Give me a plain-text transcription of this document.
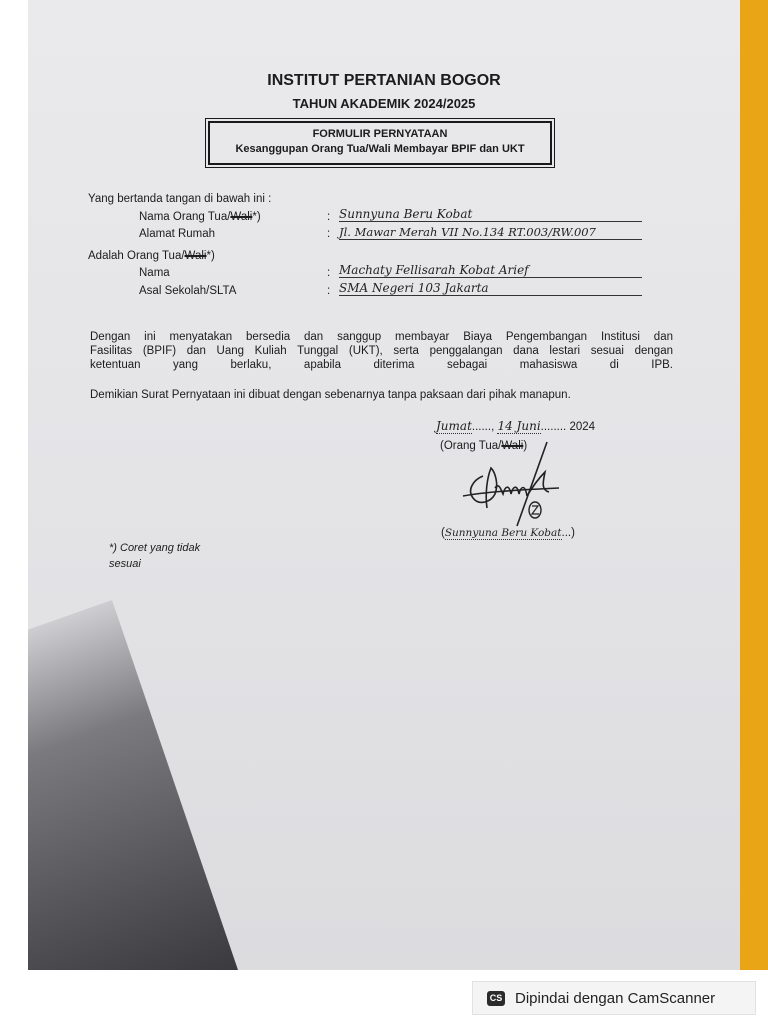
INSTITUT PERTANIAN BOGOR
TAHUN AKADEMIK 2024/2025
FORMULIR PERNYATAAN
Kesanggupan Orang Tua/Wali Membayar BPIF dan UKT
Yang bertanda tangan di bawah ini :
Nama Orang Tua/Wali*)	: Sunnyuna Beru Kobat
Alamat Rumah	: Jl. Mawar Merah VII No.134 RT.003/RW.007
Adalah Orang Tua/Wali*)
Nama	: Machaty Fellisarah Kobat Arief
Asal Sekolah/SLTA	: SMA Negeri 103 Jakarta
Dengan ini menyatakan bersedia dan sanggup membayar Biaya Pengembangan Institusi dan
Fasilitas (BPIF) dan Uang Kuliah Tunggal (UKT), serta penggalangan dana lestari sesuai dengan
ketentuan yang berlaku, apabila diterima sebagai mahasiswa di IPB.
Demikian Surat Pernyataan ini dibuat dengan sebenarnya tanpa paksaan dari pihak manapun.
Jumat......, 14 Juni........ 2024
(Orang Tua/Wali)
(Sunnyuna Beru Kobat...)
*) Coret yang tidak
sesuai
CS Dipindai dengan CamScanner
